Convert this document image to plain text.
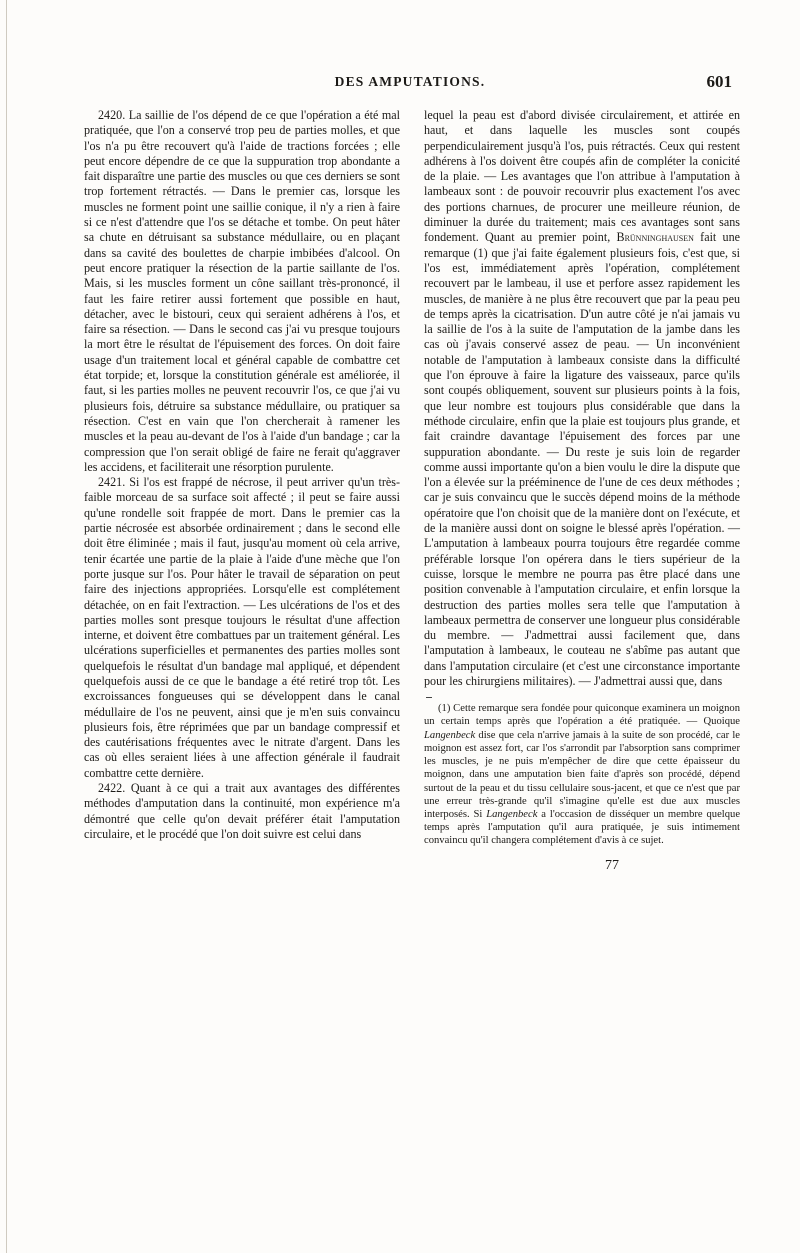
DES AMPUTATIONS.	601

2420. La saillie de l'os dépend de ce que l'opération a été mal pratiquée, que l'on a conservé trop peu de parties molles, et que l'os n'a pu être recouvert qu'à l'aide de tractions forcées ; elle peut encore dépendre de ce que la suppuration trop abondante a fait disparaître une partie des muscles ou que ces derniers se sont trop fortement rétractés. — Dans le premier cas, lorsque les muscles ne forment point une saillie conique, il n'y a rien à faire si ce n'est d'attendre que l'os se détache et tombe. On peut hâter sa chute en détruisant sa substance médullaire, ou en plaçant dans sa cavité des boulettes de charpie imbibées d'alcool. On peut encore pratiquer la résection de la partie saillante de l'os. Mais, si les muscles forment un cône saillant très-prononcé, il faut les faire retirer aussi fortement que possible en haut, détacher, avec le bistouri, ceux qui seraient adhérens à l'os, et faire sa résection. — Dans le second cas j'ai vu presque toujours la mort être le résultat de l'épuisement des forces. On doit faire usage d'un traitement local et général capable de combattre cet état torpide; et, lorsque la constitution générale est améliorée, il faut, si les parties molles ne peuvent recouvrir l'os, ce que j'ai vu plusieurs fois, détruire sa substance médullaire, ou pratiquer sa résection. C'est en vain que l'on chercherait à ramener les muscles et la peau au-devant de l'os à l'aide d'un bandage ; car la compression que l'on serait obligé de faire ne ferait qu'aggraver les accidens, et faciliterait une résorption purulente.

2421. Si l'os est frappé de nécrose, il peut arriver qu'un très-faible morceau de sa surface soit affecté ; il peut se faire aussi qu'une rondelle soit frappée de mort. Dans le premier cas la partie nécrosée est absorbée ordinairement ; dans le second elle doit être éliminée ; mais il faut, jusqu'au moment où cela arrive, tenir écartée une partie de la plaie à l'aide d'une mèche que l'on porte jusque sur l'os. Pour hâter le travail de séparation on peut faire des injections appropriées. Lorsqu'elle est complétement détachée, on en fait l'extraction. — Les ulcérations de l'os et des parties molles sont presque toujours le résultat d'une affection interne, et doivent être combattues par un traitement général. Les ulcérations superficielles et permanentes des parties molles sont quelquefois le résultat d'un bandage mal appliqué, et dépendent quelquefois aussi de ce que le bandage a été retiré trop tôt. Les excroissances fongueuses qui se développent dans le canal médullaire de l'os ne peuvent, ainsi que je m'en suis convaincu plusieurs fois, être réprimées que par un bandage compressif et des cautérisations fréquentes avec le nitrate d'argent. Dans les cas où elles seraient liées à une affection générale il faudrait combattre cette dernière.

2422. Quant à ce qui a trait aux avantages des différentes méthodes d'amputation dans la continuité, mon expérience m'a démontré que celle qu'on devait préférer était l'amputation circulaire, et le procédé que l'on doit suivre est celui dans

lequel la peau est d'abord divisée circulairement, et attirée en haut, et dans laquelle les muscles sont coupés perpendiculairement jusqu'à l'os, puis rétractés. Ceux qui restent adhérens à l'os doivent être coupés afin de compléter la conicité de la plaie. — Les avantages que l'on attribue à l'amputation à lambeaux sont : de pouvoir recouvrir plus exactement l'os avec des portions charnues, de procurer une meilleure réunion, de diminuer la durée du traitement; mais ces avantages sont sans fondement. Quant au premier point, Brünninghausen fait une remarque (1) que j'ai faite également plusieurs fois, c'est que, si l'os est, immédiatement après l'opération, complétement recouvert par le lambeau, il use et perfore assez rapidement les muscles, de manière à ne plus être recouvert que par la peau peu de temps après la cicatrisation. D'un autre côté je n'ai jamais vu la saillie de l'os à la suite de l'amputation de la jambe dans les cas où j'avais conservé assez de peau. — Un inconvénient notable de l'amputation à lambeaux consiste dans la difficulté que l'on éprouve à faire la ligature des vaisseaux, parce qu'ils sont coupés obliquement, souvent sur plusieurs points à la fois, que leur nombre est toujours plus considérable que dans la méthode circulaire, enfin que la plaie est toujours plus grande, et fait craindre davantage l'épuisement des forces par une suppuration abondante. — Du reste je suis loin de regarder comme aussi importante qu'on a bien voulu le dire la dispute que l'on a élevée sur la prééminence de l'une de ces deux méthodes ; car je suis convaincu que le succès dépend moins de la méthode opératoire que l'on choisit que de la manière dont on l'exécute, et de la manière aussi dont on soigne le blessé après l'opération. — L'amputation à lambeaux pourra toujours être regardée comme préférable lorsque l'on opérera dans le tiers supérieur de la cuisse, lorsque le membre ne pourra pas être placé dans une position convenable à l'amputation circulaire, et enfin lorsque la destruction des parties molles sera telle que l'amputation à lambeaux permettra de conserver une longueur plus considérable du membre. — J'admettrai aussi facilement que, dans l'amputation à lambeaux, le couteau ne s'abîme pas autant que dans l'amputation circulaire (et c'est une circonstance importante pour les chirurgiens militaires). — J'admettrai aussi que, dans

(1) Cette remarque sera fondée pour quiconque examinera un moignon un certain temps après que l'opération a été pratiquée. — Quoique Langenbeck dise que cela n'arrive jamais à la suite de son procédé, car le moignon est assez fort, car l'os s'arrondit par l'absorption sans comprimer les muscles, je ne puis m'empêcher de dire que cette épaisseur du moignon, dans une amputation bien faite d'après son procédé, dépend surtout de la peau et du tissu cellulaire sous-jacent, et que ce n'est que par une erreur très-grande qu'il s'imagine qu'elle est due aux muscles interposés. Si Langenbeck a l'occasion de disséquer un membre quelque temps après l'amputation qu'il aura pratiquée, je suis intimement convaincu qu'il changera complétement d'avis à ce sujet.

77
